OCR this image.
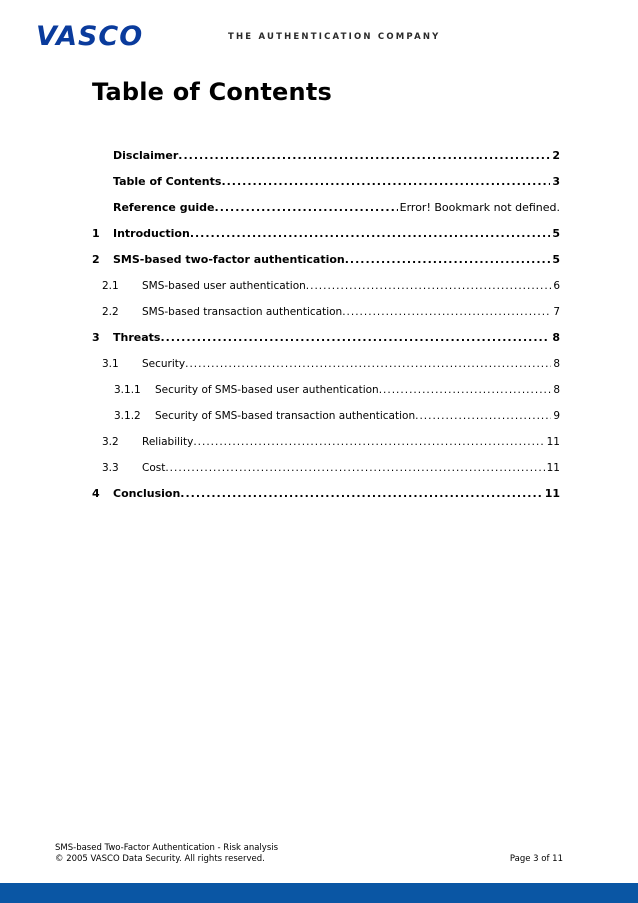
VASCO	THE AUTHENTICATION COMPANY
Table of Contents
Disclaimer .....	2
Table of Contents .....	3
Reference guide .....	Error! Bookmark not defined.
1	Introduction .....	5
2	SMS-based two-factor authentication .....	5
2.1	SMS-based user authentication .....	6
2.2	SMS-based transaction authentication .....	7
3	Threats .....	8
3.1	Security .....	8
3.1.1	Security of SMS-based user authentication .....	8
3.1.2	Security of SMS-based transaction authentication .....	9
3.2	Reliability .....	11
3.3	Cost .....	11
4	Conclusion .....	11
SMS-based Two-Factor Authentication - Risk analysis
© 2005 VASCO Data Security. All rights reserved.	Page 3 of 11
